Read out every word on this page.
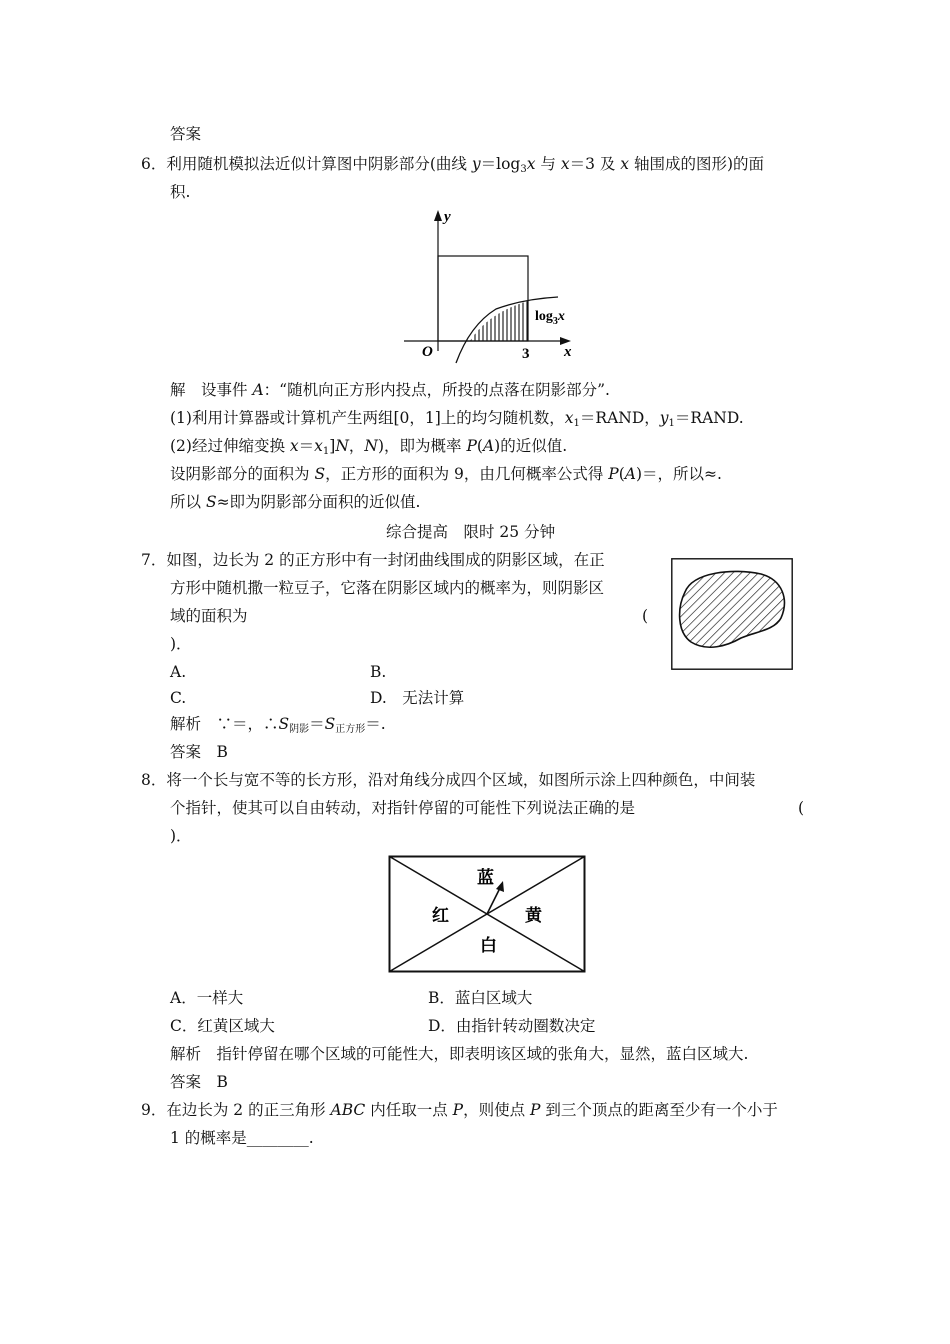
答案
6．利用随机模拟法近似计算图中阴影部分(曲线 $y=\log_3x$ 与 x＝3 及 x 轴围成的图形)的面
积.
y
x
O	3
$\log_3x$
解　设事件 A：“随机向正方形内投点，所投的点落在阴影部分”.
(1)利用计算器或计算机产生两组[0，1]上的均匀随机数，$x_1=RAND$，$y_1=RAND$.
(2)经过伸缩变换 $x=x_1]N$，N)，即为概率 P(A)的近似值.
设阴影部分的面积为 S，正方形的面积为 9，由几何概率公式得 P(A)＝，所以≈.
所以 S≈即为阴影部分面积的近似值.
综合提高　限时 25 分钟
7．如图，边长为 2 的正方形中有一封闭曲线围成的阴影区域，在正
方形中随机撒一粒豆子，它落在阴影区域内的概率为，则阴影区
域的面积为	(
)．
A.	B.
C.	D.　无法计算
解析　∵＝，$\therefore S_{阴影}=S_{正方形}=$.
答案　B
8．将一个长与宽不等的长方形，沿对角线分成四个区域，如图所示涂上四种颜色，中间装
个指针，使其可以自由转动，对指针停留的可能性下列说法正确的是	(
)．
蓝
红	黄
白
A．一样大	B．蓝白区域大
C．红黄区域大	D．由指针转动圈数决定
解析　指针停留在哪个区域的可能性大，即表明该区域的张角大，显然，蓝白区域大.
答案　B
9．在边长为 2 的正三角形 ABC 内任取一点 P，则使点 P 到三个顶点的距离至少有一个小于
1 的概率是________.
